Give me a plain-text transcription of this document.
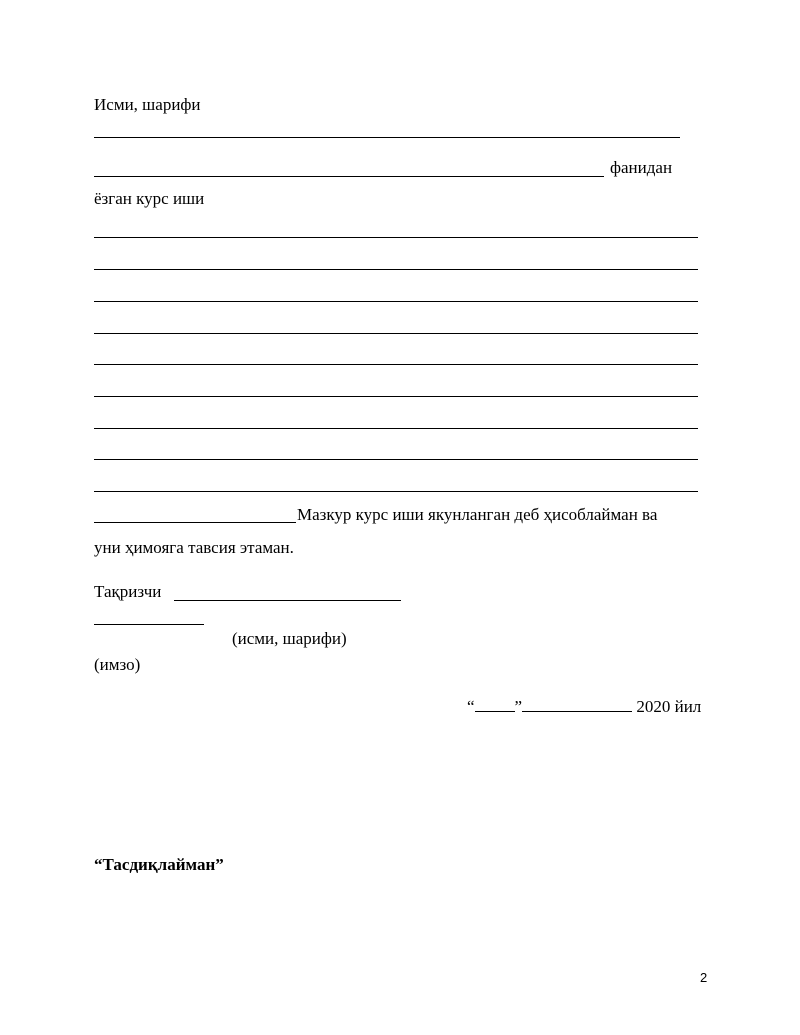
Исми, шарифи
фанидан
ёзган курс иши
Мазкур курс иши якунланган деб ҳисоблайман ва
уни ҳимояга тавсия этаман.
Тақризчи
(исми, шарифи)
(имзо)
“ ”	2020 йил
“Тасдиқлайман”
2
